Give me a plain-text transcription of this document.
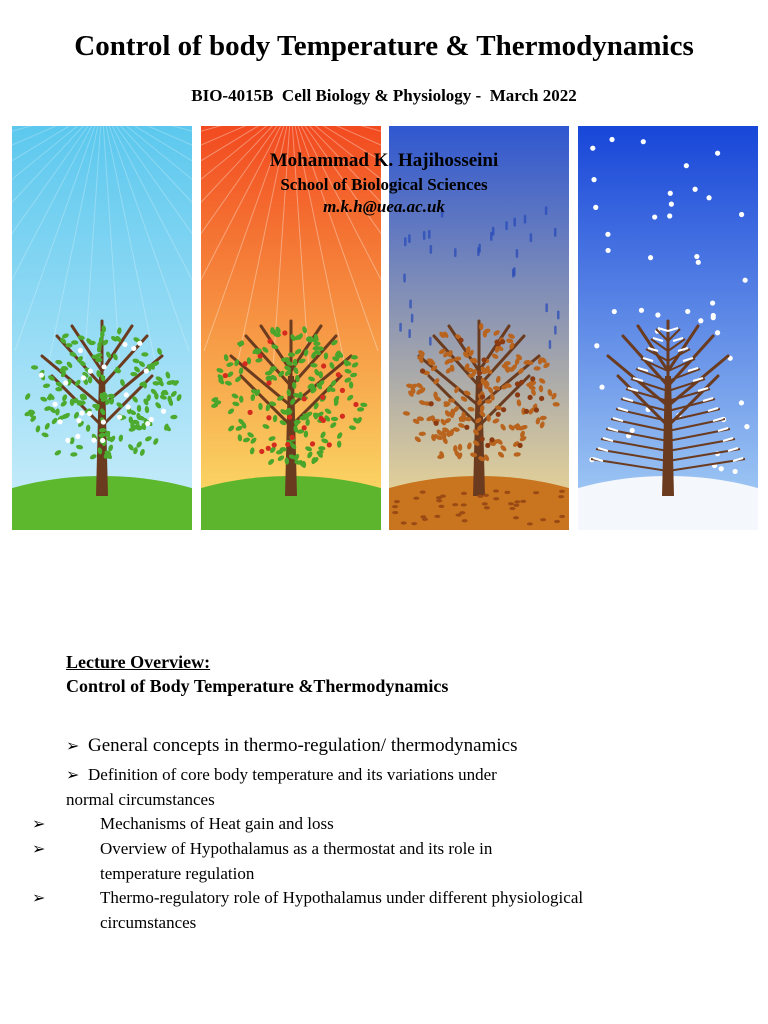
Control of body Temperature & Thermodynamics
BIO-4015B  Cell Biology & Physiology -  March 2022
Mohammad K. Hajihosseini
School of Biological Sciences
m.k.h@uea.ac.uk
Lecture Overview:
Control of Body Temperature &Thermodynamics
➢ General concepts in thermo-regulation/ thermodynamics
➢ Definition of core body temperature and its variations under
normal circumstances
➢	Mechanisms of Heat gain and loss
➢	Overview of Hypothalamus as a thermostat and its role in
temperature regulation
➢	Thermo-regulatory role of Hypothalamus under different physiological
circumstances
